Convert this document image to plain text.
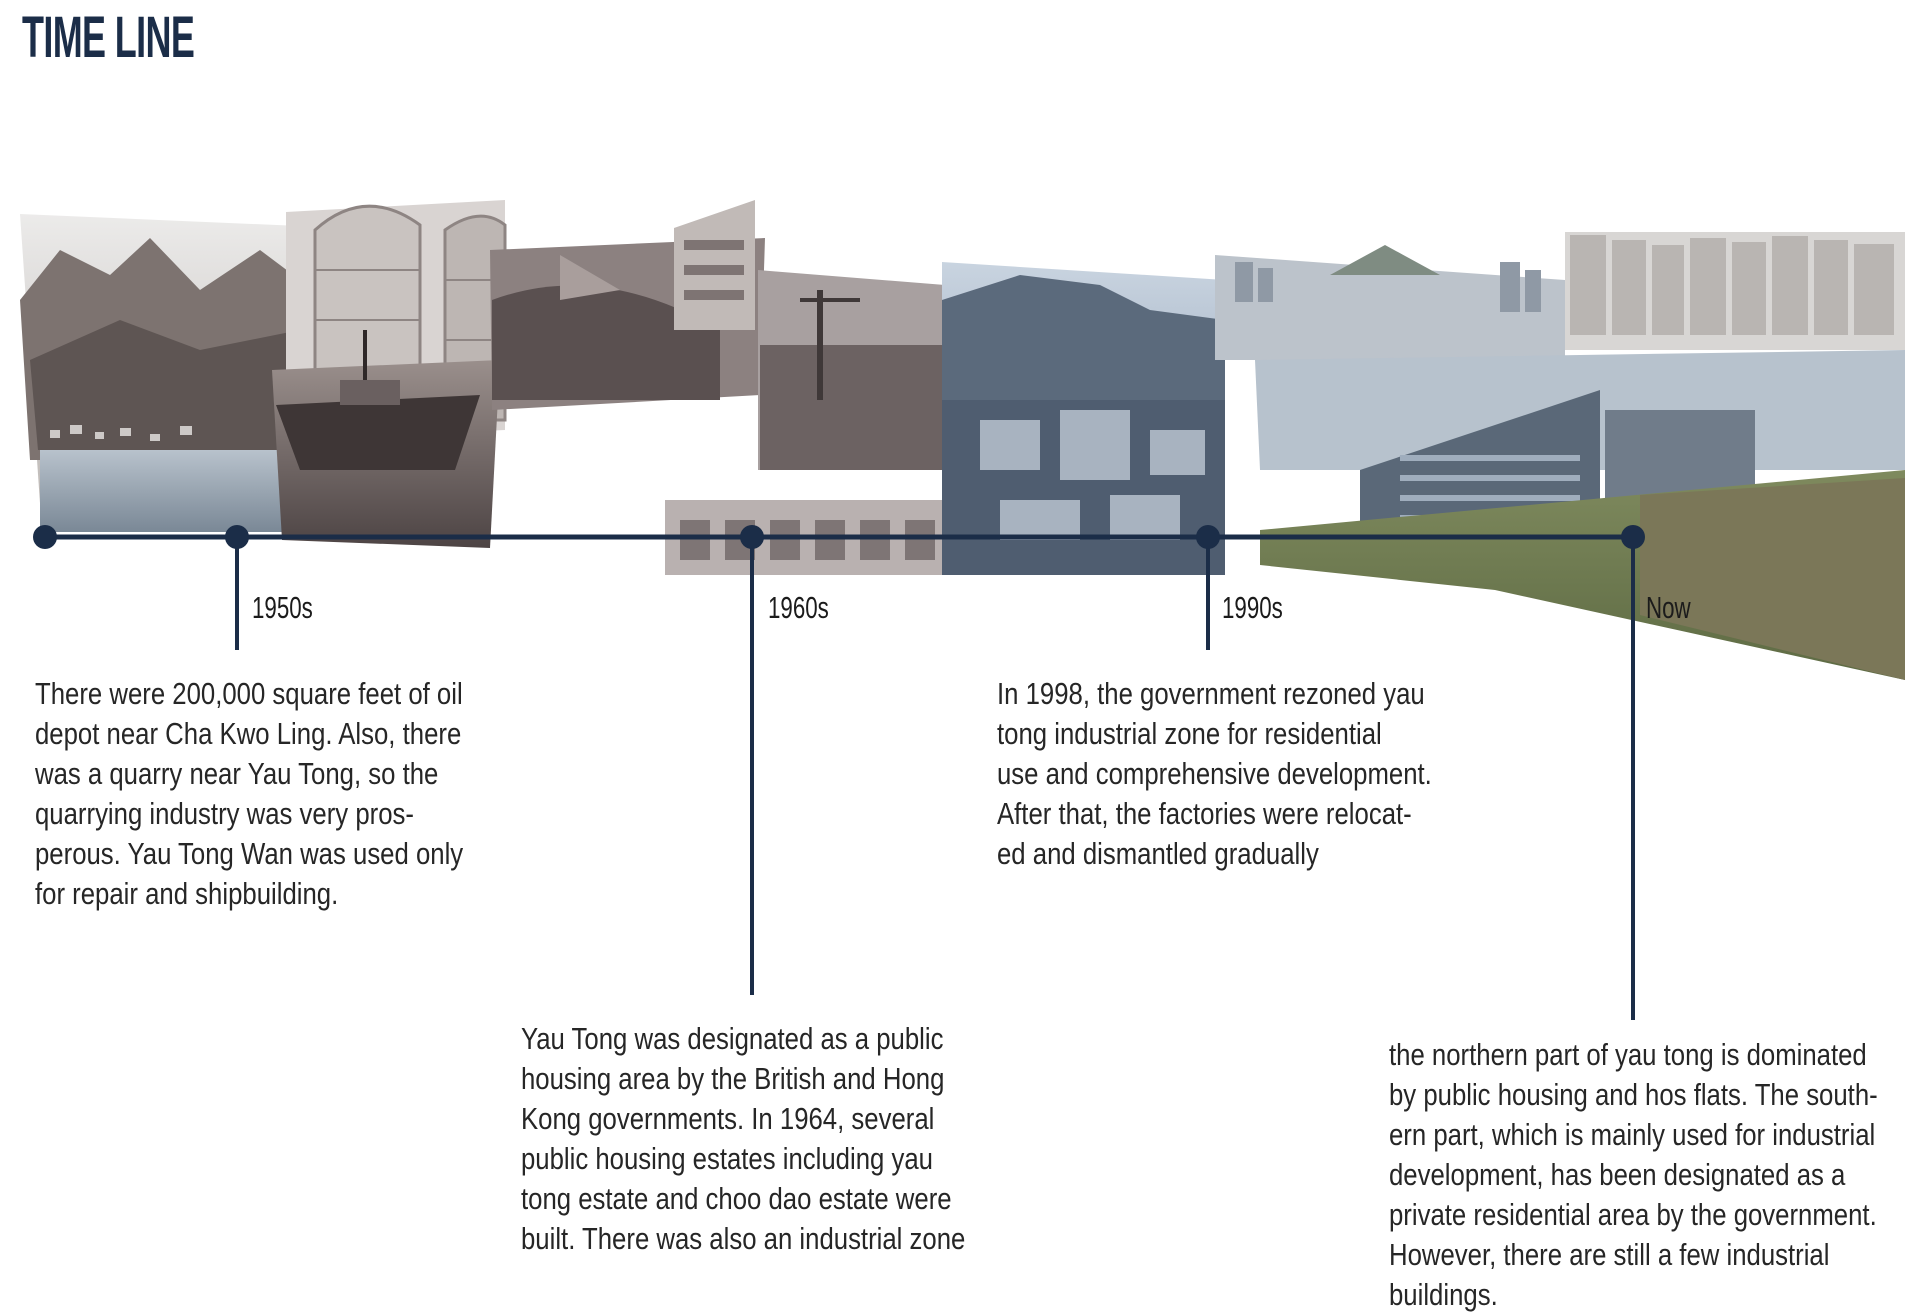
TIME LINE
1950s	1960s	1990s	Now
There were 200,000 square feet of oil
depot near Cha Kwo Ling. Also, there
was a quarry near Yau Tong, so the
quarrying industry was very pros-
perous. Yau Tong Wan was used only
for repair and shipbuilding.
Yau Tong was designated as a public
housing area by the British and Hong
Kong governments. In 1964, several
public housing estates including yau
tong estate and choo dao estate were
built. There was also an industrial zone
In 1998, the government rezoned yau
tong industrial zone for residential
use and comprehensive development.
After that, the factories were relocat-
ed and dismantled gradually
the northern part of yau tong is dominated
by public housing and hos flats. The south-
ern part, which is mainly used for industrial
development, has been designated as a
private residential area by the government.
However, there are still a few industrial
buildings.
